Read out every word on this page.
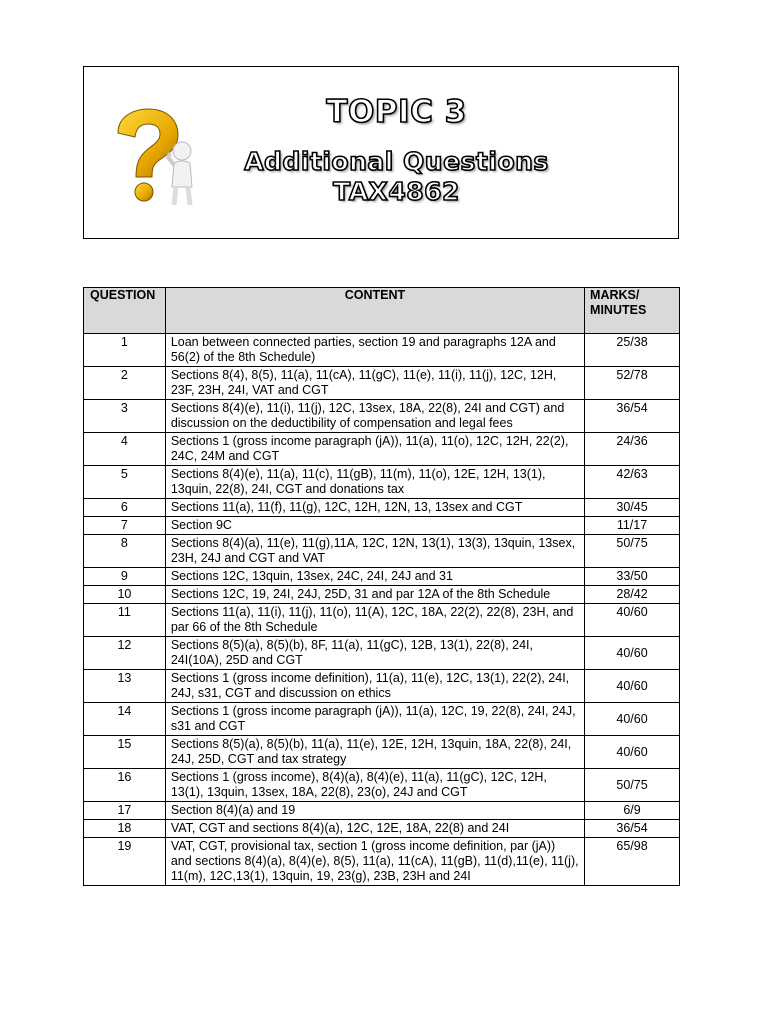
TOPIC 3
Additional Questions
TAX4862
QUESTION	CONTENT	MARKS/ MINUTES
1	Loan between connected parties, section 19 and paragraphs 12A and 56(2) of the 8th Schedule)	25/38
2	Sections 8(4), 8(5), 11(a), 11(cA), 11(gC), 11(e), 11(i), 11(j), 12C, 12H, 23F, 23H, 24I, VAT and CGT	52/78
3	Sections 8(4)(e), 11(i), 11(j), 12C, 13sex, 18A, 22(8), 24I and CGT) and discussion on the deductibility of compensation and legal fees	36/54
4	Sections 1 (gross income paragraph (jA)), 11(a), 11(o), 12C, 12H, 22(2), 24C, 24M and CGT	24/36
5	Sections 8(4)(e), 11(a), 11(c), 11(gB), 11(m), 11(o), 12E, 12H, 13(1), 13quin, 22(8), 24I, CGT and donations tax	42/63
6	Sections 11(a), 11(f), 11(g), 12C, 12H, 12N, 13, 13sex and CGT	30/45
7	Section 9C	11/17
8	Sections 8(4)(a), 11(e), 11(g),11A, 12C, 12N, 13(1), 13(3), 13quin, 13sex, 23H, 24J and CGT and VAT	50/75
9	Sections 12C, 13quin, 13sex, 24C, 24I, 24J and 31	33/50
10	Sections 12C, 19, 24I, 24J, 25D, 31 and par 12A of the 8th Schedule	28/42
11	Sections 11(a), 11(i), 11(j), 11(o), 11(A), 12C, 18A, 22(2), 22(8), 23H, and par 66 of the 8th Schedule	40/60
12	Sections 8(5)(a), 8(5)(b), 8F, 11(a), 11(gC), 12B, 13(1), 22(8), 24I, 24I(10A), 25D and CGT	40/60
13	Sections 1 (gross income definition), 11(a), 11(e), 12C, 13(1), 22(2), 24I, 24J, s31, CGT and discussion on ethics	40/60
14	Sections 1 (gross income paragraph (jA)), 11(a), 12C, 19, 22(8), 24I, 24J, s31 and CGT	40/60
15	Sections 8(5)(a), 8(5)(b), 11(a), 11(e), 12E, 12H, 13quin, 18A, 22(8), 24I, 24J, 25D, CGT and tax strategy	40/60
16	Sections 1 (gross income), 8(4)(a), 8(4)(e), 11(a), 11(gC), 12C, 12H, 13(1), 13quin, 13sex, 18A, 22(8), 23(o), 24J and CGT	50/75
17	Section 8(4)(a) and 19	6/9
18	VAT, CGT and sections 8(4)(a), 12C, 12E, 18A, 22(8) and 24I	36/54
19	VAT, CGT, provisional tax, section 1 (gross income definition, par (jA)) and sections 8(4)(a), 8(4)(e), 8(5), 11(a), 11(cA), 11(gB), 11(d),11(e), 11(j), 11(m), 12C,13(1), 13quin, 19, 23(g), 23B, 23H and 24I	65/98
